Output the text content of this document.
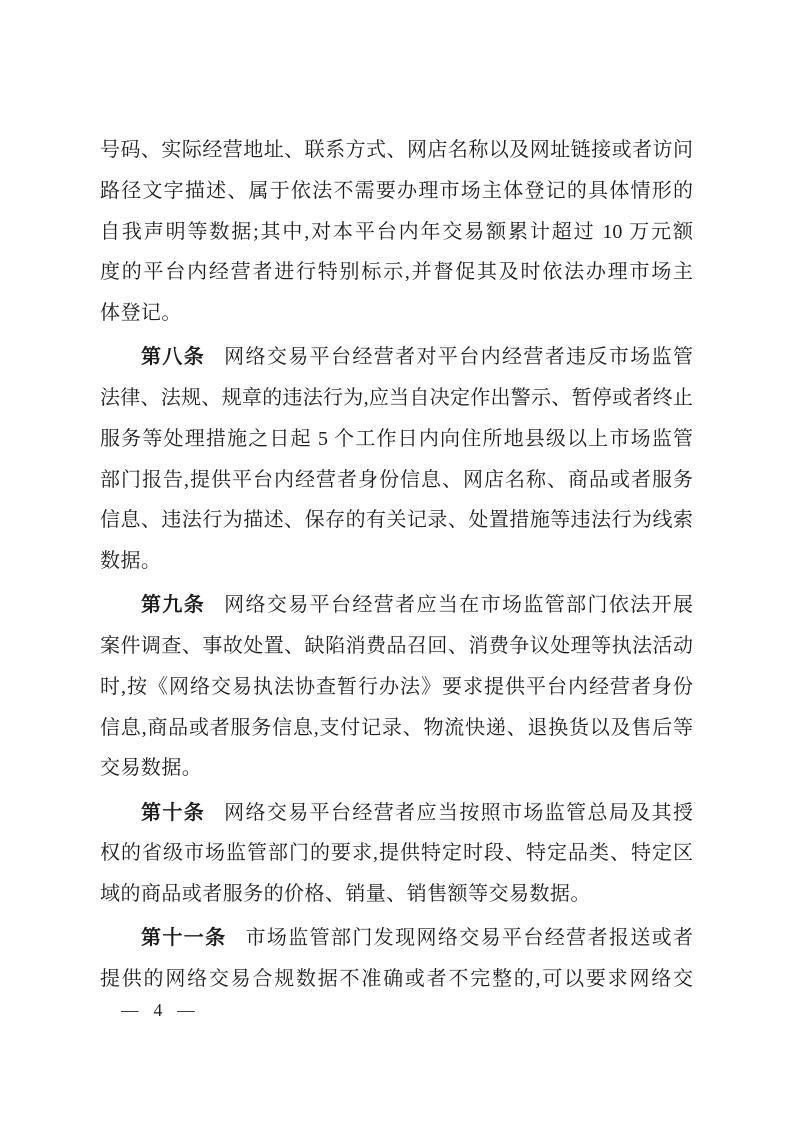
号码、实际经营地址、联系方式、网店名称以及网址链接或者访问
路径文字描述、属于依法不需要办理市场主体登记的具体情形的
自我声明等数据;其中,对本平台内年交易额累计超过 10 万元额
度的平台内经营者进行特别标示,并督促其及时依法办理市场主
体登记。
第八条 网络交易平台经营者对平台内经营者违反市场监管
法律、法规、规章的违法行为,应当自决定作出警示、暂停或者终止
服务等处理措施之日起 5 个工作日内向住所地县级以上市场监管
部门报告,提供平台内经营者身份信息、网店名称、商品或者服务
信息、违法行为描述、保存的有关记录、处置措施等违法行为线索
数据。
第九条 网络交易平台经营者应当在市场监管部门依法开展
案件调查、事故处置、缺陷消费品召回、消费争议处理等执法活动
时,按《网络交易执法协查暂行办法》要求提供平台内经营者身份
信息,商品或者服务信息,支付记录、物流快递、退换货以及售后等
交易数据。
第十条 网络交易平台经营者应当按照市场监管总局及其授
权的省级市场监管部门的要求,提供特定时段、特定品类、特定区
域的商品或者服务的价格、销量、销售额等交易数据。
第十一条 市场监管部门发现网络交易平台经营者报送或者
提供的网络交易合规数据不准确或者不完整的,可以要求网络交
— 4 —
